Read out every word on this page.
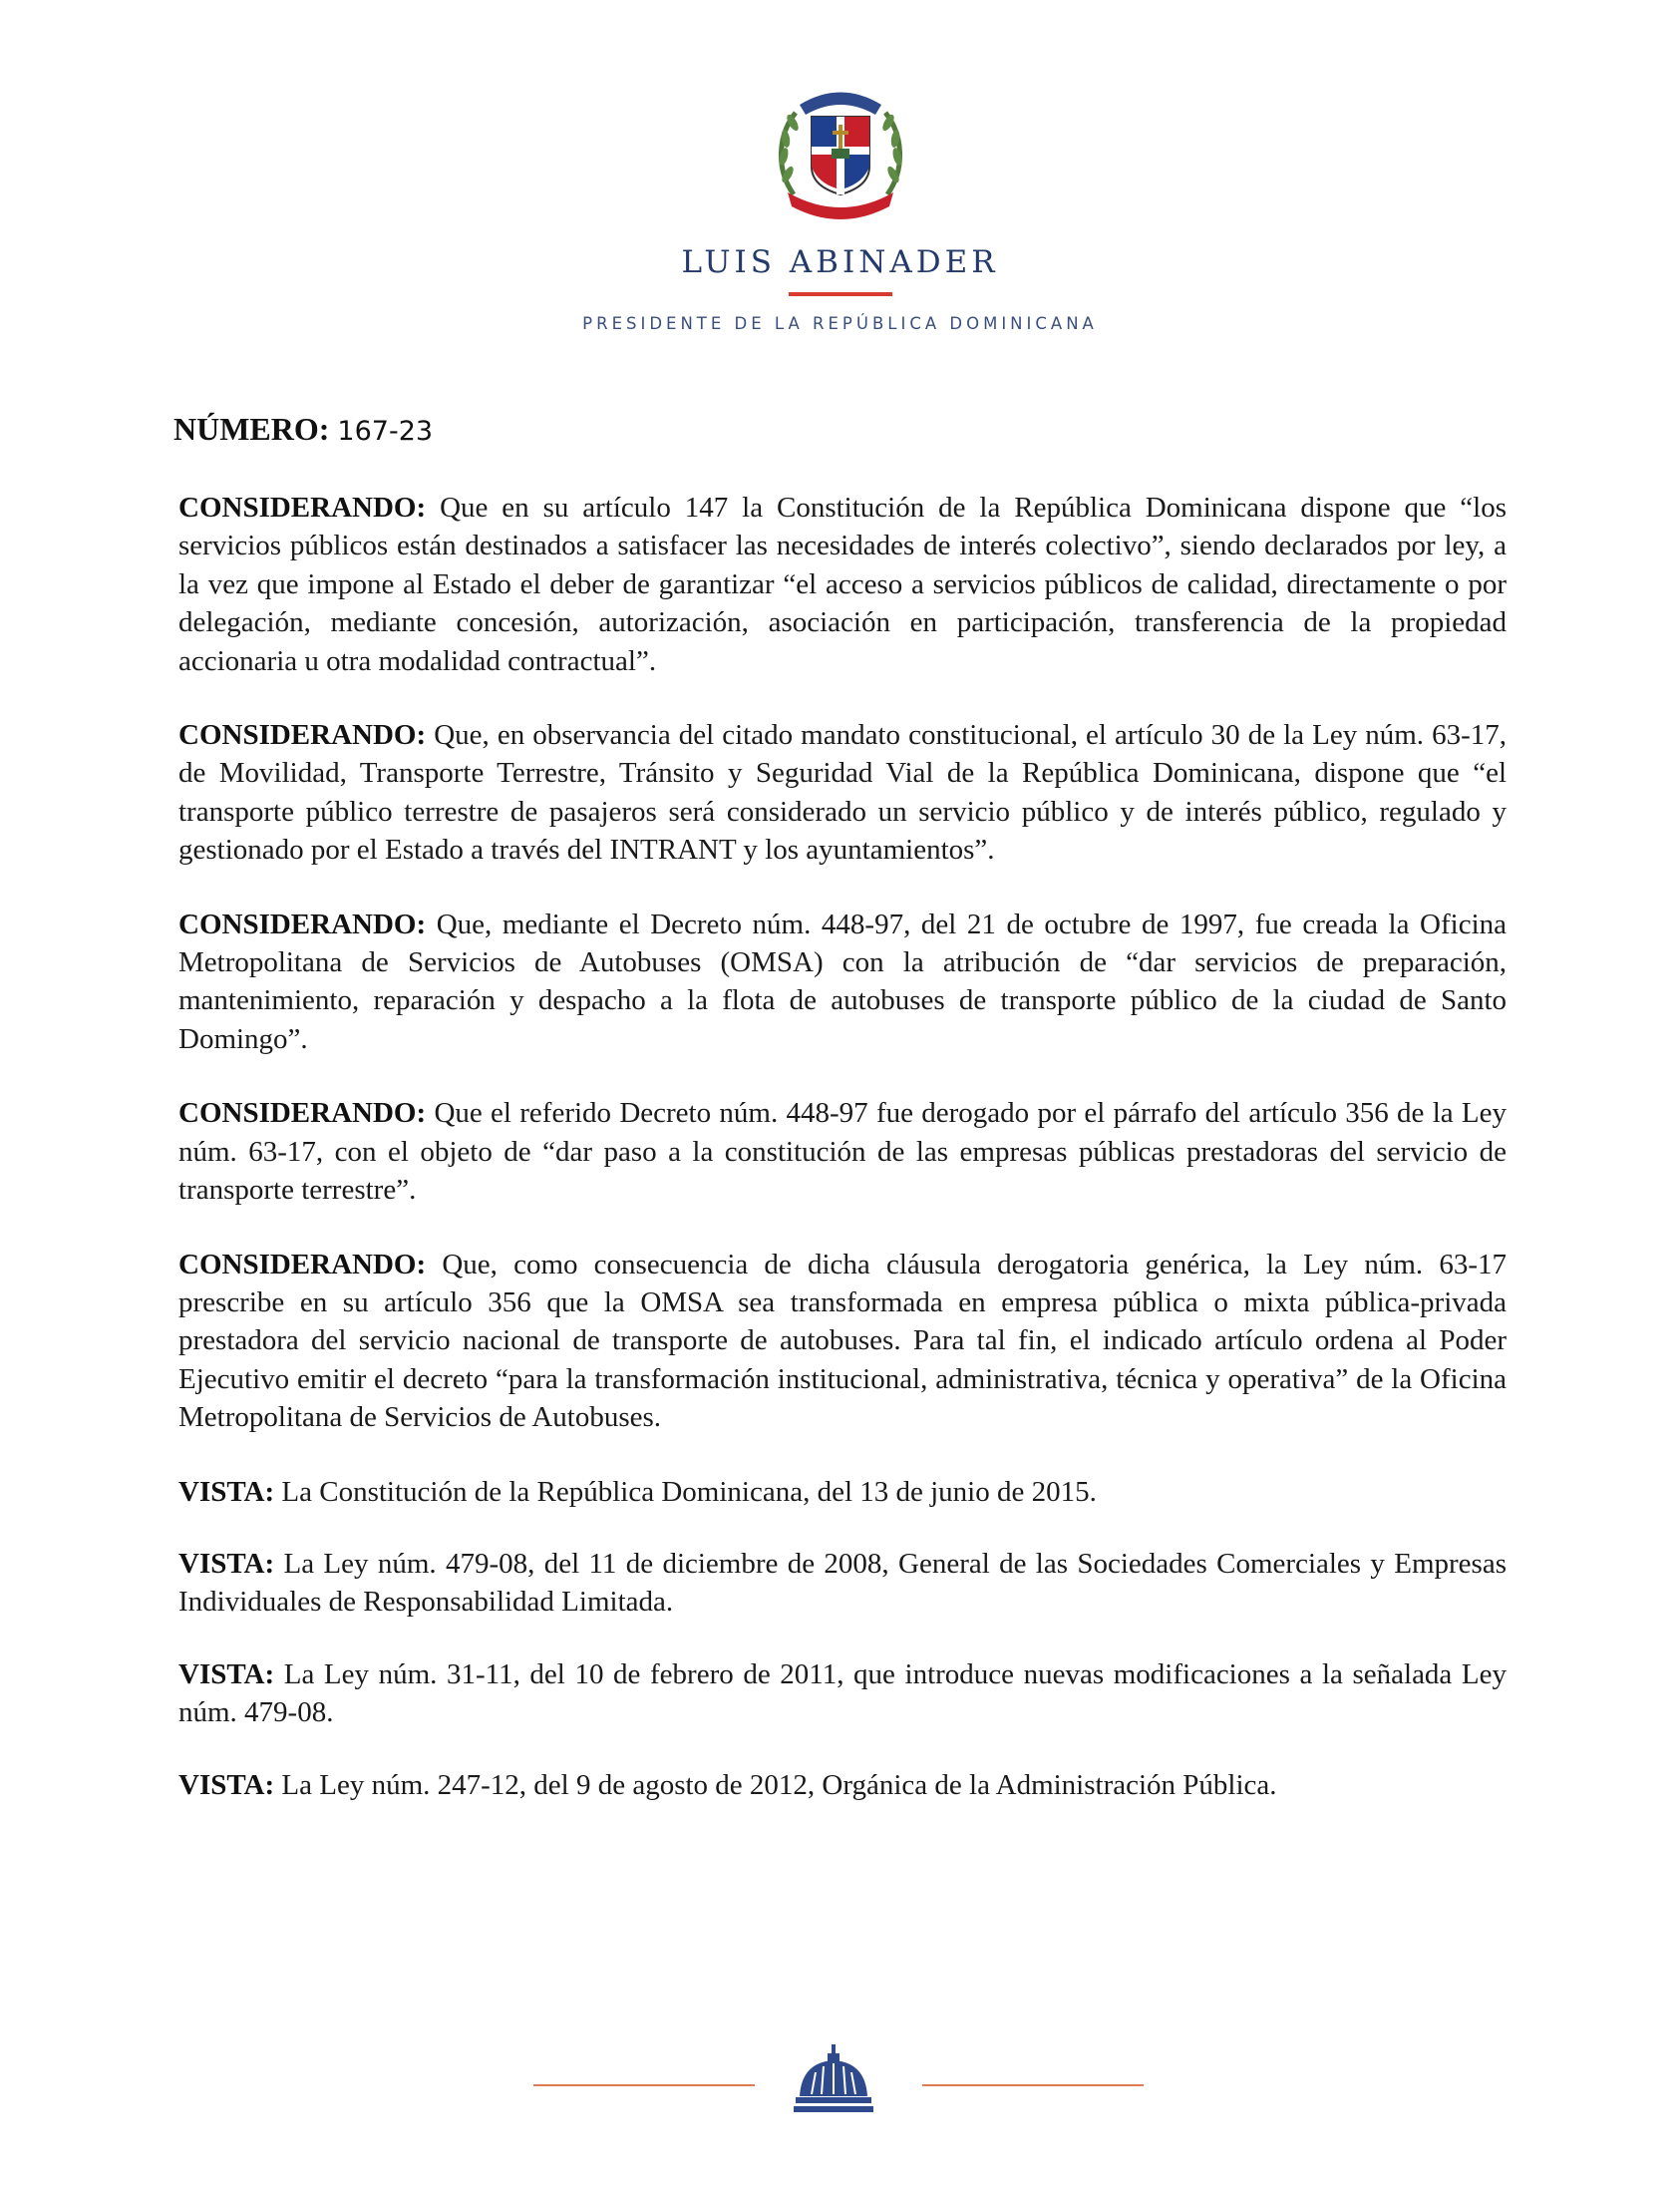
LUIS ABINADER
PRESIDENTE DE LA REPÚBLICA DOMINICANA
NÚMERO: 167-23

CONSIDERANDO: Que en su artículo 147 la Constitución de la República Dominicana dispone que “los servicios públicos están destinados a satisfacer las necesidades de interés colectivo”, siendo declarados por ley, a la vez que impone al Estado el deber de garantizar “el acceso a servicios públicos de calidad, directamente o por delegación, mediante concesión, autorización, asociación en participación, transferencia de la propiedad accionaria u otra modalidad contractual”.

CONSIDERANDO: Que, en observancia del citado mandato constitucional, el artículo 30 de la Ley núm. 63-17, de Movilidad, Transporte Terrestre, Tránsito y Seguridad Vial de la República Dominicana, dispone que “el transporte público terrestre de pasajeros será considerado un servicio público y de interés público, regulado y gestionado por el Estado a través del INTRANT y los ayuntamientos”.

CONSIDERANDO: Que, mediante el Decreto núm. 448-97, del 21 de octubre de 1997, fue creada la Oficina Metropolitana de Servicios de Autobuses (OMSA) con la atribución de “dar servicios de preparación, mantenimiento, reparación y despacho a la flota de autobuses de transporte público de la ciudad de Santo Domingo”.

CONSIDERANDO: Que el referido Decreto núm. 448-97 fue derogado por el párrafo del artículo 356 de la Ley núm. 63-17, con el objeto de “dar paso a la constitución de las empresas públicas prestadoras del servicio de transporte terrestre”.

CONSIDERANDO: Que, como consecuencia de dicha cláusula derogatoria genérica, la Ley núm. 63-17 prescribe en su artículo 356 que la OMSA sea transformada en empresa pública o mixta pública-privada prestadora del servicio nacional de transporte de autobuses. Para tal fin, el indicado artículo ordena al Poder Ejecutivo emitir el decreto “para la transformación institucional, administrativa, técnica y operativa” de la Oficina Metropolitana de Servicios de Autobuses.

VISTA: La Constitución de la República Dominicana, del 13 de junio de 2015.

VISTA: La Ley núm. 479-08, del 11 de diciembre de 2008, General de las Sociedades Comerciales y Empresas Individuales de Responsabilidad Limitada.

VISTA: La Ley núm. 31-11, del 10 de febrero de 2011, que introduce nuevas modificaciones a la señalada Ley núm. 479-08.

VISTA: La Ley núm. 247-12, del 9 de agosto de 2012, Orgánica de la Administración Pública.
